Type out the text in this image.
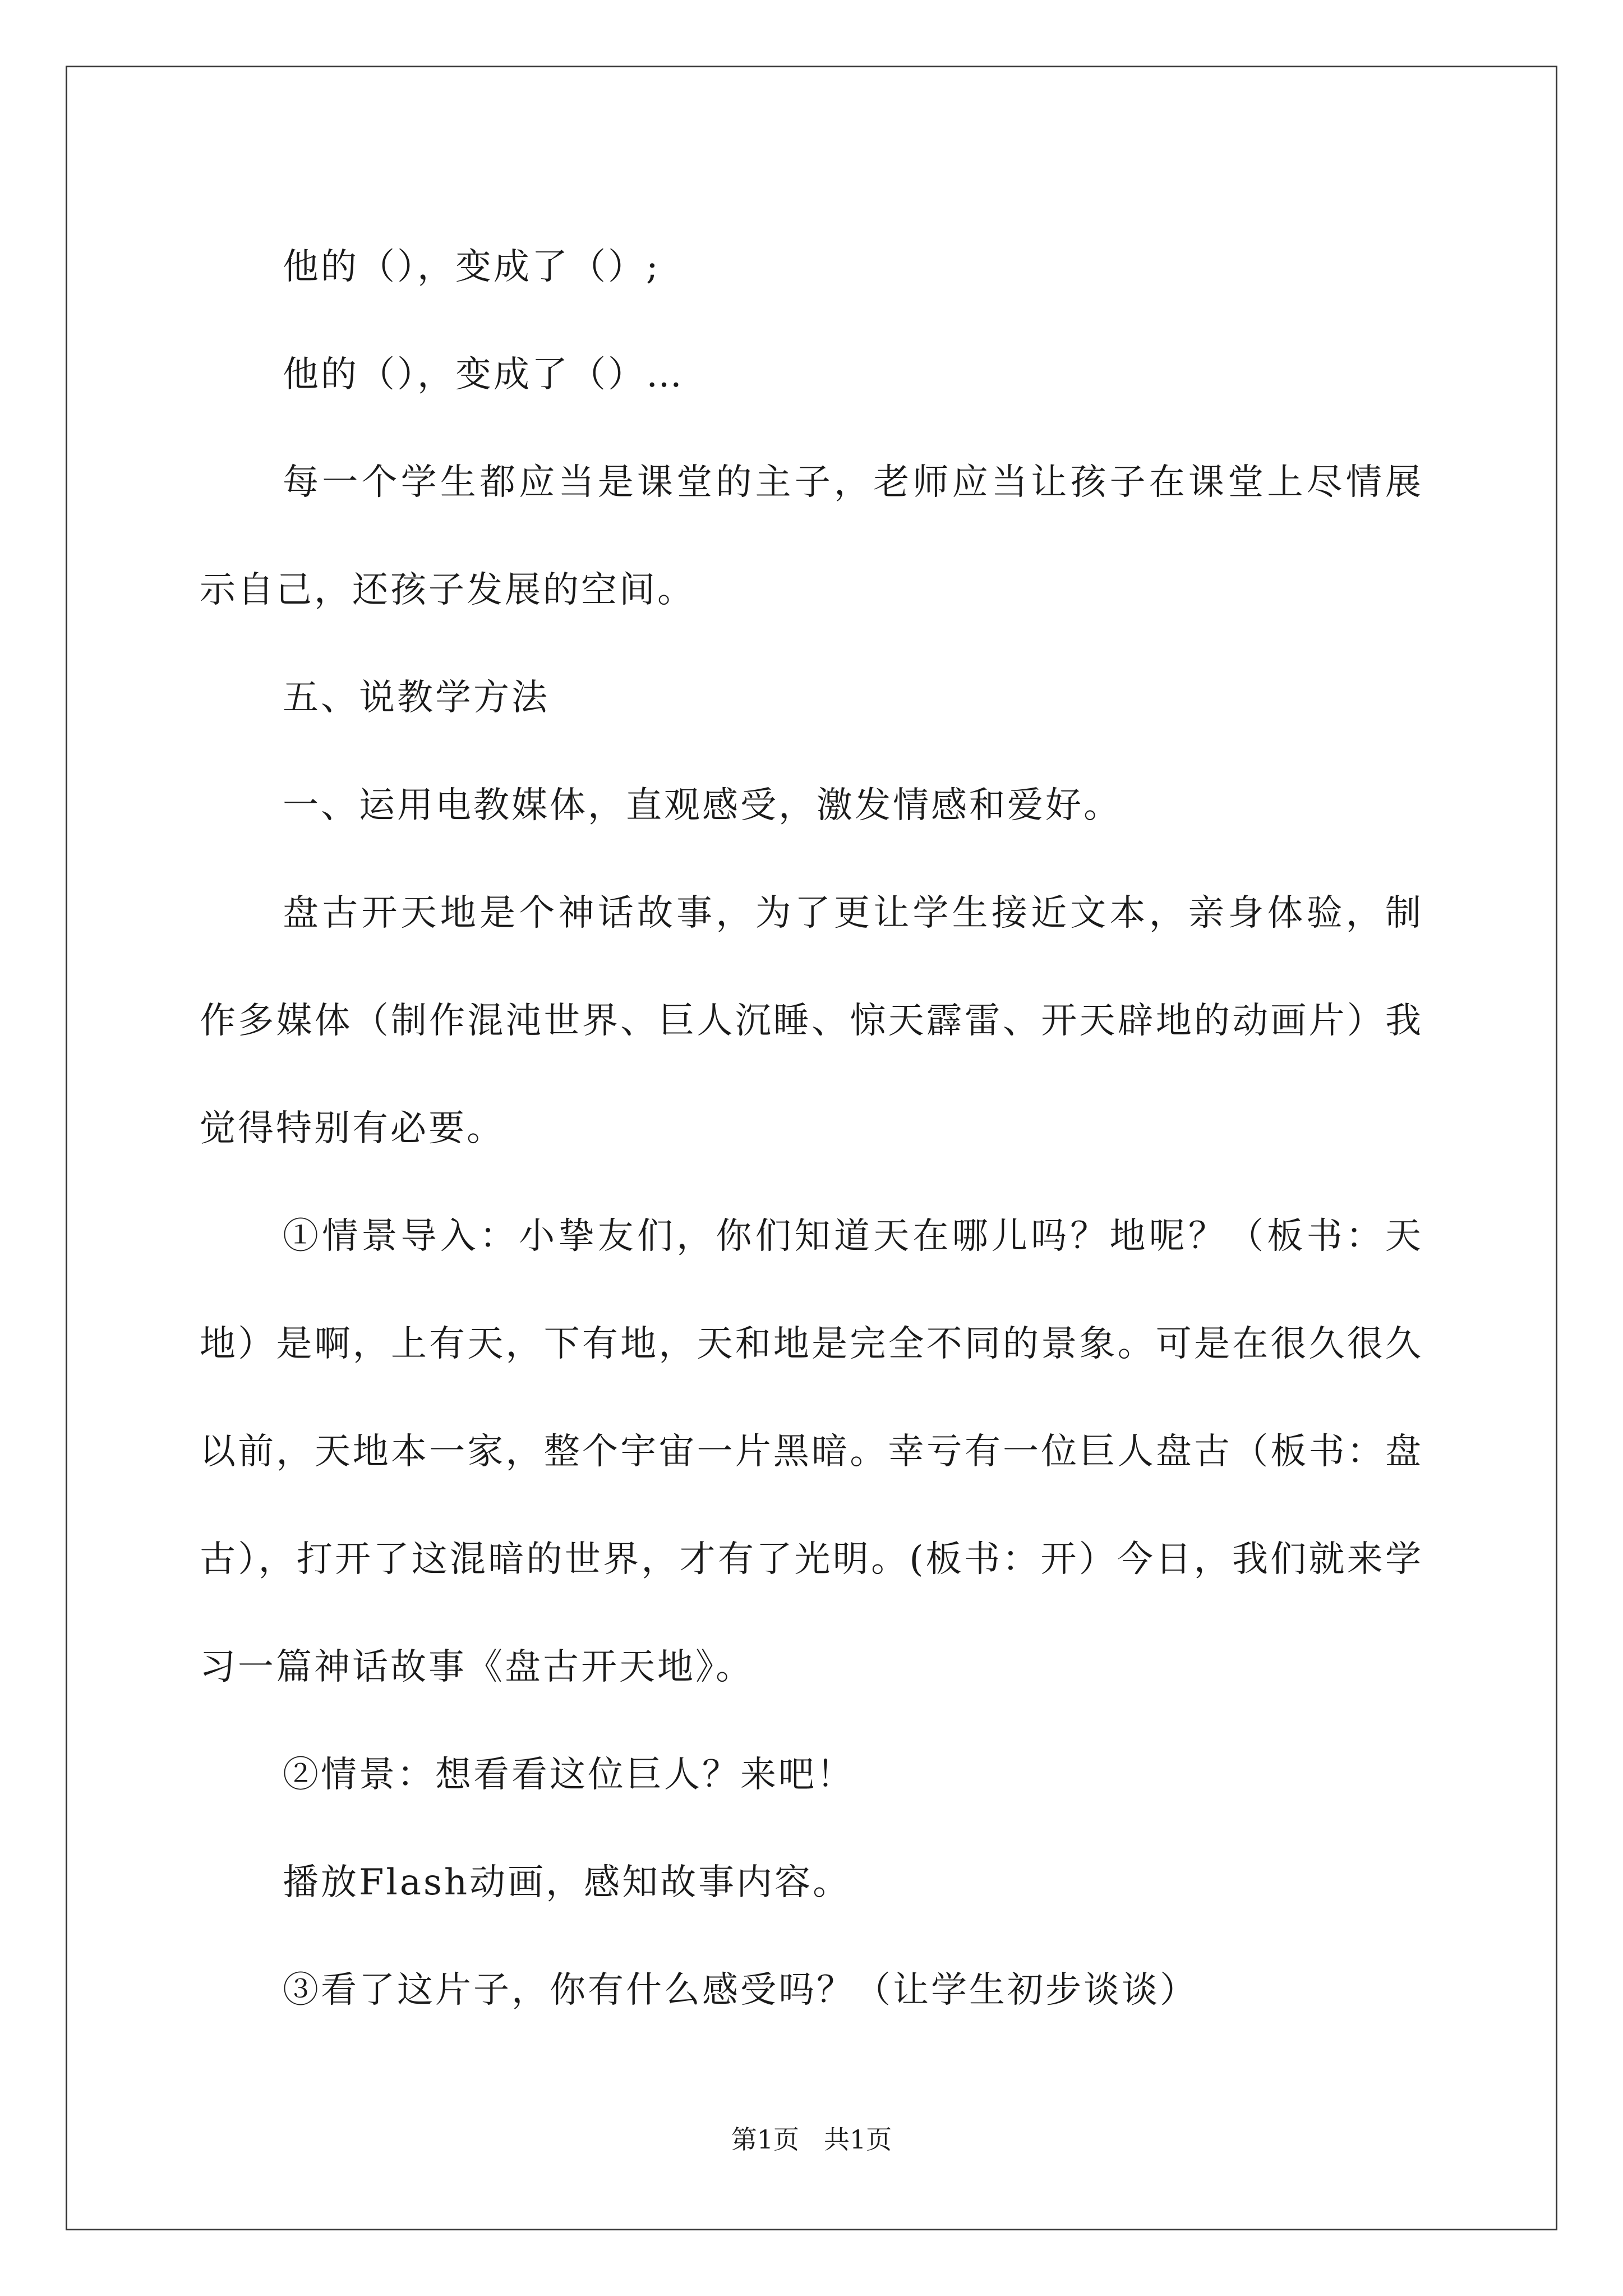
他的（），变成了（）;

他的（），变成了（）…

每一个学生都应当是课堂的主子，老师应当让孩子在课堂上尽情展示自己，还孩子发展的空间。

五、说教学方法

一、运用电教媒体，直观感受，激发情感和爱好。

盘古开天地是个神话故事，为了更让学生接近文本，亲身体验，制作多媒体（制作混沌世界、巨人沉睡、惊天霹雷、开天辟地的动画片）我觉得特别有必要。

①情景导入：小挚友们，你们知道天在哪儿吗？地呢？（板书：天地）是啊，上有天，下有地，天和地是完全不同的景象。可是在很久很久以前，天地本一家，整个宇宙一片黑暗。幸亏有一位巨人盘古（板书：盘古），打开了这混暗的世界，才有了光明。(板书：开）今日，我们就来学习一篇神话故事《盘古开天地》。

②情景：想看看这位巨人？来吧！

播放Flash动画，感知故事内容。

③看了这片子，你有什么感受吗？（让学生初步谈谈）

第1页 共1页
